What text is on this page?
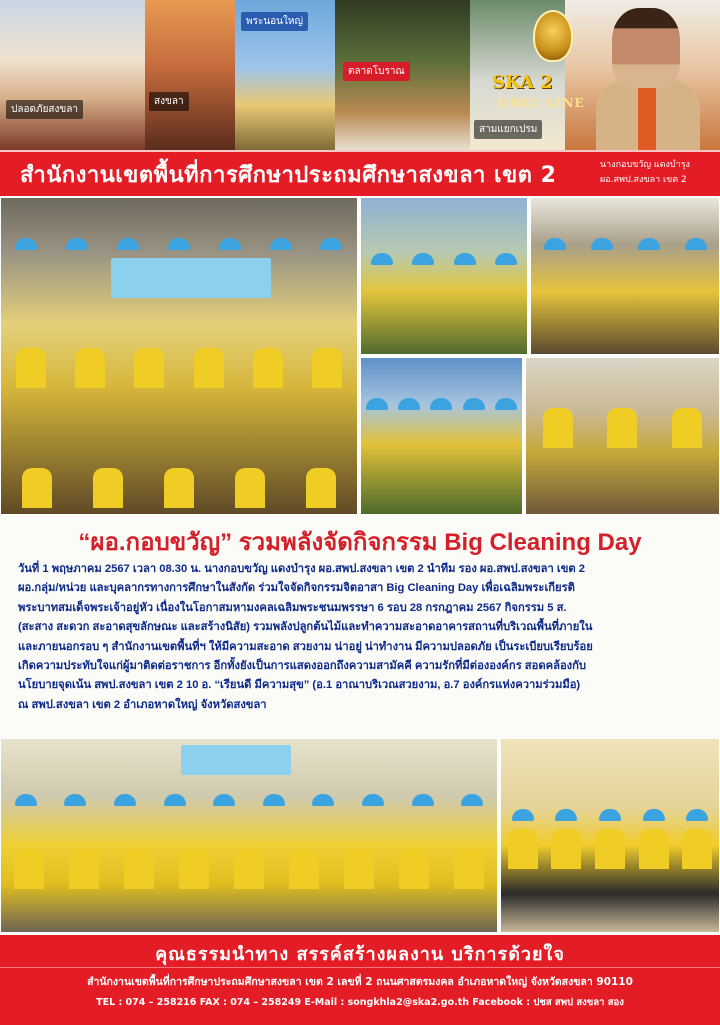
ปลอดภัยสงขลา
สงขลา
พระนอนใหญ่
ตลาดโบราณ
สามแยกเปรม
SKA 2
OBEC LINE
สำนักงานเขตพื้นที่การศึกษาประถมศึกษาสงขลา เขต 2	นางกอบขวัญ แดงบำรุง
ผอ.สพป.สงขลา เขต 2
“ผอ.กอบขวัญ” รวมพลังจัดกิจกรรม Big Cleaning Day

วันที่ 1 พฤษภาคม 2567 เวลา 08.30 น. นางกอบขวัญ แดงบำรุง ผอ.สพป.สงขลา เขต 2 นำทีม รอง ผอ.สพป.สงขลา เขต 2

ผอ.กลุ่ม/หน่วย และบุคลากรทางการศึกษาในสังกัด ร่วมใจจัดกิจกรรมจิตอาสา Big Cleaning Day เพื่อเฉลิมพระเกียรติ

พระบาทสมเด็จพระเจ้าอยู่หัว เนื่องในโอกาสมหามงคลเฉลิมพระชนมพรรษา 6 รอบ 28 กรกฎาคม 2567 กิจกรรม 5 ส.

(สะสาง สะดวก สะอาดสุขลักษณะ และสร้างนิสัย) รวมพลังปลูกต้นไม้และทำความสะอาดอาคารสถานที่บริเวณพื้นที่ภายใน

และภายนอกรอบ ๆ สำนักงานเขตพื้นที่ฯ ให้มีความสะอาด สวยงาม น่าอยู่ น่าทำงาน มีความปลอดภัย เป็นระเบียบเรียบร้อย

เกิดความประทับใจแก่ผู้มาติดต่อราชการ อีกทั้งยังเป็นการแสดงออกถึงความสามัคคี ความรักที่มีต่ององค์กร สอดคล้องกับ

นโยบายจุดเน้น สพป.สงขลา เขต 2 10 อ. “เรียนดี มีความสุข” (อ.1 อาณาบริเวณสวยงาม, อ.7 องค์กรแห่งความร่วมมือ)

ณ สพป.สงขลา เขต 2 อำเภอหาดใหญ่ จังหวัดสงขลา

คุณธรรมนำทาง สรรค์สร้างผลงาน บริการด้วยใจ
สำนักงานเขตพื้นที่การศึกษาประถมศึกษาสงขลา เขต 2 เลขที่ 2 ถนนศาสตรมงคล อำเภอหาดใหญ่ จังหวัดสงขลา 90110
TEL : 074 – 258216 FAX : 074 – 258249 E-Mail : songkhla2@ska2.go.th Facebook : ปชส สพป สงขลา สอง
